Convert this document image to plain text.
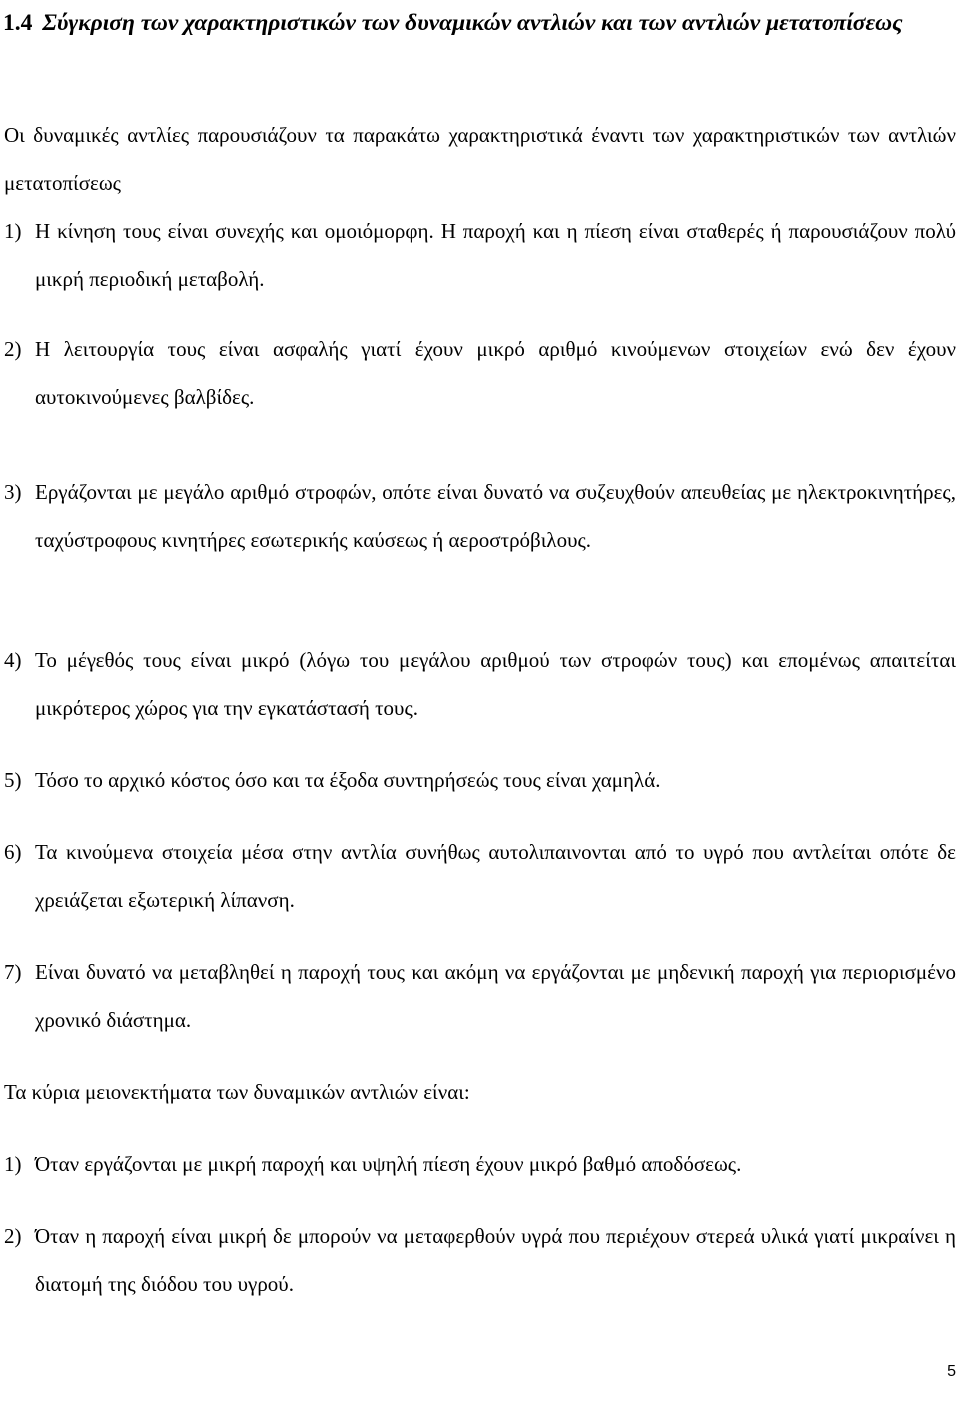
1.4 Σύγκριση των χαρακτηριστικών των δυναμικών αντλιών και των αντλιών μετατοπίσεως

Οι δυναμικές αντλίες παρουσιάζουν τα παρακάτω χαρακτηριστικά έναντι των χαρακτηριστικών των αντλιών μετατοπίσεως

1) Η κίνηση τους είναι συνεχής και ομοιόμορφη. Η παροχή και η πίεση είναι σταθερές ή παρουσιάζουν πολύ μικρή περιοδική μεταβολή.

2) Η λειτουργία τους είναι ασφαλής γιατί έχουν μικρό αριθμό κινούμενων στοιχείων ενώ δεν έχουν αυτοκινούμενες βαλβίδες.

3) Εργάζονται με μεγάλο αριθμό στροφών, οπότε είναι δυνατό να συζευχθούν απευθείας με ηλεκτροκινητήρες, ταχύστροφους κινητήρες εσωτερικής καύσεως ή αεροστρόβιλους.

4) Το μέγεθός τους είναι μικρό (λόγω του μεγάλου αριθμού των στροφών τους) και επομένως απαιτείται μικρότερος χώρος για την εγκατάστασή τους.

5) Τόσο το αρχικό κόστος όσο και τα έξοδα συντηρήσεώς τους είναι χαμηλά.

6) Τα κινούμενα στοιχεία μέσα στην αντλία συνήθως αυτολιπαινονται από το υγρό που αντλείται οπότε δε χρειάζεται εξωτερική λίπανση.

7) Είναι δυνατό να μεταβληθεί η παροχή τους και ακόμη να εργάζονται με μηδενική παροχή για περιορισμένο χρονικό διάστημα.

Τα κύρια μειονεκτήματα των δυναμικών αντλιών είναι:

1) Όταν εργάζονται με μικρή παροχή και υψηλή πίεση έχουν μικρό βαθμό αποδόσεως.

2) Όταν η παροχή είναι μικρή δε μπορούν να μεταφερθούν υγρά που περιέχουν στερεά υλικά γιατί μικραίνει η διατομή της διόδου του υγρού.

5
